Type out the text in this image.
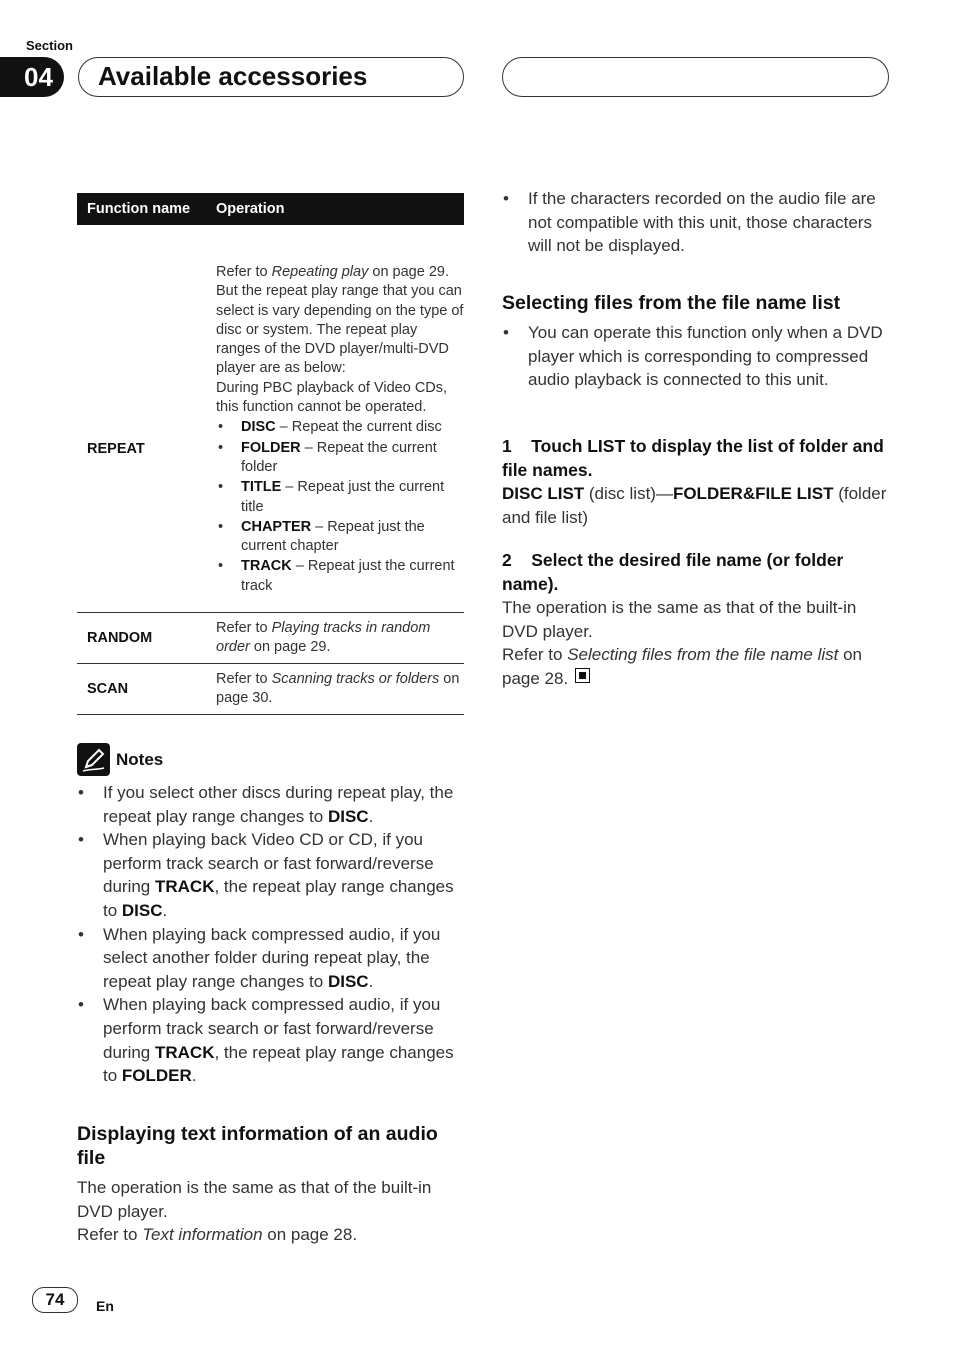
Section
04	Available accessories
Function name Operation
REPEAT

Refer to Repeating play on page 29.

But the repeat play range that you can select is vary depending on the type of disc or system. The repeat play ranges of the DVD player/multi-DVD player are as below:

During PBC playback of Video CDs, this function cannot be operated.

• DISC – Repeat the current disc
• FOLDER – Repeat the current folder
• TITLE – Repeat just the current title
• CHAPTER – Repeat just the current chapter
• TRACK – Repeat just the current track
RANDOM

Refer to Playing tracks in random order on page 29.

SCAN

Refer to Scanning tracks or folders on page 30.

Notes
• If you select other discs during repeat play, the repeat play range changes to DISC.
• When playing back Video CD or CD, if you perform track search or fast forward/reverse during TRACK, the repeat play range changes to DISC.
• When playing back compressed audio, if you select another folder during repeat play, the repeat play range changes to DISC.
• When playing back compressed audio, if you perform track search or fast forward/reverse during TRACK, the repeat play range changes to FOLDER.
Displaying text information of an audio file

The operation is the same as that of the built-in DVD player.

Refer to Text information on page 28.

• If the characters recorded on the audio file are not compatible with this unit, those characters will not be displayed.
Selecting files from the file name list
• You can operate this function only when a DVD player which is corresponding to compressed audio playback is connected to this unit.

1 Touch LIST to display the list of folder and file names.

DISC LIST (disc list)—FOLDER&FILE LIST (folder and file list)

2 Select the desired file name (or folder name).

The operation is the same as that of the built-in DVD player.

Refer to Selecting files from the file name list on page 28.

74	En
